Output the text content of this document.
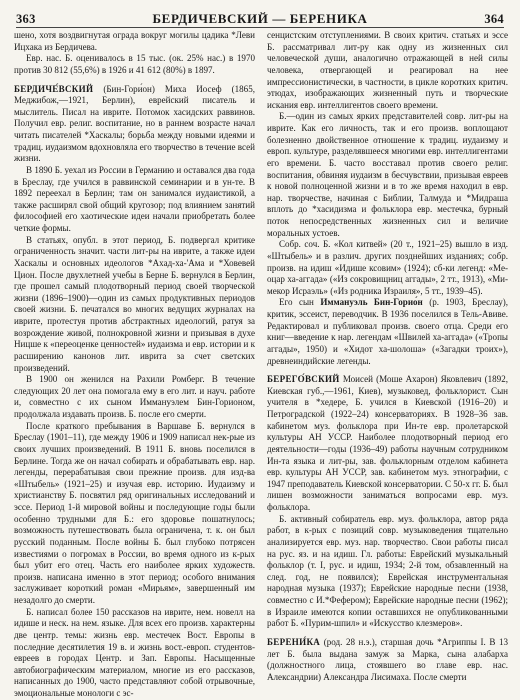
363	БЕРДИЧЕВСКИЙ — БЕРЕНИКА	364

шено, хотя воздвигнутая ограда вокруг могилы цадика *Леви Ицхака из Бердичева.

Евр. нас. Б. оценивалось в 15 тыс. (ок. 25% нас.) в 1970 против 30 812 (55,6%) в 1926 и 41 612 (80%) в 1897.

БЕРДИЧЕ́ВСКИЙ (Бин-Гори́он) Миха Иосеф (1865, Меджибож,—1921, Берлин), еврейский писатель и мыслитель. Писал на иврите. Потомок хасидских раввинов. Получил евр. религ. воспитание, но в раннем возрасте начал читать писателей *Хаскалы; борьба между новыми идеями и традиц. иудаизмом вдохновляла его творчество в течение всей жизни.

В 1890 Б. уехал из России в Германию и оставался два года в Бреслау, где учился в раввинской семинарии и в ун-те. В 1892 переехал в Берлин; там он занимался иудаистикой, а также расширял свой общий кругозор; под влиянием занятий философией его хаотические идеи начали приобретать более четкие формы.

В статьях, опубл. в этот период, Б. подвергал критике ограниченность значит. части лит-ры на иврите, а также идеи Хаскалы и основных идеологов *Ахад-ха-'Ама и *Ховевей Цион. После двухлетней учебы в Берне Б. вернулся в Берлин, где прошел самый плодотворный период своей творческой жизни (1896–1900)—один из самых продуктивных периодов своей жизни. Б. печатался во многих ведущих журналах на иврите, протестуя против абстрактных идеологий, ратуя за возрождение живой, полнокровной жизни и призывая в духе Ницше к «переоценке ценностей» иудаизма и евр. истории и к расширению канонов лит. иврита за счет светских произведений.

В 1900 он женился на Рахили Ромберг. В течение следующих 20 лет она помогала ему в его лит. и науч. работе и, совместно с их сыном Иммануэлем Бин-Горионом, продолжала издавать произв. Б. после его смерти.

После краткого пребывания в Варшаве Б. вернулся в Бреслау (1901–11), где между 1906 и 1909 написал нек-рые из своих лучших произведений. В 1911 Б. вновь поселился в Берлине. Тогда же он начал собирать и обрабатывать евр. нар. легенды, перерабатывая свои прежние произв. для изд-ва «Штыбель» (1921–25) и изучая евр. историю. Иудаизму и христианству Б. посвятил ряд оригинальных исследований и эссе. Период 1-й мировой войны и последующие годы были особенно трудными для Б.: его здоровье пошатнулось; возможность путешествовать была ограничена, т. к. он был русский поданным. После войны Б. был глубоко потрясен известиями о погромах в России, во время одного из к-рых был убит его отец. Часть его наиболее ярких художеств. произв. написана именно в этот период; особого внимания заслуживает короткий роман «Мирьям», завершенный им незадолго до смерти.

Б. написал более 150 рассказов на иврите, нем. новелл на идише и неск. на нем. языке. Для всех его произв. характерны две центр. темы: жизнь евр. местечек Вост. Европы в последние десятилетия 19 в. и жизнь вост.-европ. студентов-евреев в городах Центр. и Зап. Европы. Насыщенные автобиографическим материалом, многие из его рассказов, написанных до 1900, часто представляют собой отрывочные, эмоциональные монологи с эс-

сенцистским отступлениями. В своих критич. статьях и эссе Б. рассматривал лит-ру как одну из жизненных сил человеческой души, аналогично отражающей в ней силы человека, отвергающей и реагировал на нее импрессионистически, в частности, в цикле коротких критич. этюдах, изображающих жизненный путь и творческие искания евр. интеллигентов своего времени.

Б.—один из самых ярких представителей совр. лит-ры на иврите. Как его личность, так и его произв. воплощают болезненно двойственное отношение к традиц. иудаизму и европ. культуре, разделявшееся многими евр. интеллигентами его времени. Б. часто восставал против своего религ. воспитания, обвиняя иудаизм в бесчувствии, призывая евреев к новой полноценной жизни и в то же время находил в евр. нар. творчестве, начиная с Библии, Талмуда и *Мидраша вплоть до *хасидизма и фольклора евр. местечка, бурный поток непосредственных жизненных сил и величие моральных устоев.

Собр. соч. Б. «Кол китвей» (20 т., 1921–25) вышло в изд. «Штыбель» и в различ. других позднейших изданиях; собр. произв. на идиш «Идише ксовим» (1924); сб-ки легенд: «Ме-оцар ха-аггада» («Из сокровищниц аггады», 2 тт., 1913), «Ми-мекор Исраэль» («Из родника Израиля», 5 тт., 1939–45).

Его сын Иммануэль Бин-Горио́н (р. 1903, Бреслау), критик, эссеист, переводчик. В 1936 поселился в Тель-Авиве. Редактировал и публиковал произв. своего отца. Среди его книг—введение к нар. легендам «Швилей ха-аггада» («Тропы аггады», 1950) и «Хидот ха-шолоша» («Загадки троих»), древнеиндийские легенды.

БЕРЕГО́ВСКИЙ Моисей (Моше Ахарон) Яковлевич (1892, Киевская губ.,—1961, Киев), музыковед, фольклорист. Сын учителя в *хедере, Б. учился в Киевской (1916–20) и Петроградской (1922–24) консерваториях. В 1928–36 зав. кабинетом муз. фольклора при Ин-те евр. пролетарской культуры АН УССР. Наиболее плодотворный период его деятельности—годы (1936–49) работы научным сотрудником Ин-та языка и лит-ры, зав. фольклорным отделом кабинета евр. культуры АН УССР, зав. кабинетом муз. этнографии, с 1947 преподаватель Киевской консерватории. С 50-х гг. Б. был лишен возможности заниматься вопросами евр. муз. фольклора.

Б. активный собиратель евр. муз. фольклора, автор ряда работ, в к-рых с позиций совр. музыковедения тщательно анализируется евр. муз. нар. творчество. Свои работы писал на рус. яз. и на идиш. Гл. работы: Еврейский музыкальный фольклор (т. I, рус. и идиш, 1934; 2-й том, обзавленный на след. год, не появился); Еврейская инструментальная народная музыка (1937); Еврейские народные песни (1938, совместно с И.*Фефером); Еврейские народные песни (1962); в Израиле имеются копии оставшихся не опубликованными работ Б. «Пурим-шпил» и «Искусство клезмеров».

БЕРЕНИ́КА (род. 28 н.э.), старшая дочь *Агриппы I. В 13 лет Б. была выдана замуж за Марка, сына алабарха (должностного лица, стоявшего во главе евр. нас. Александрии) Александра Лисимаха. После смерти
